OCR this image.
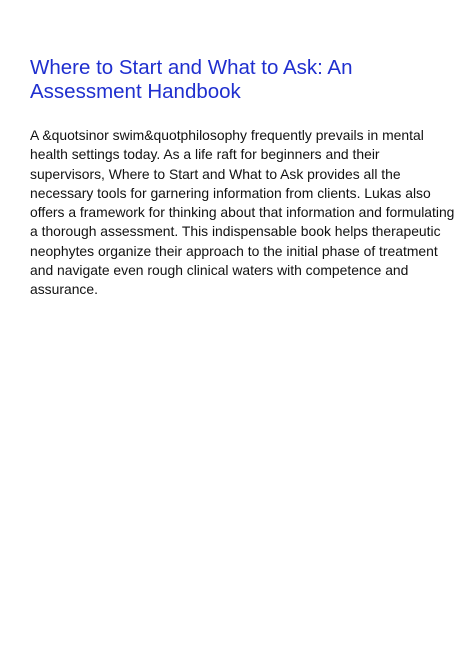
Where to Start and What to Ask: An Assessment Handbook

A &quotsinor swim&quotphilosophy frequently prevails in mental health settings today. As a life raft for beginners and their supervisors, Where to Start and What to Ask provides all the necessary tools for garnering information from clients. Lukas also offers a framework for thinking about that information and formulating a thorough assessment. This indispensable book helps therapeutic neophytes organize their approach to the initial phase of treatment and navigate even rough clinical waters with competence and assurance.
